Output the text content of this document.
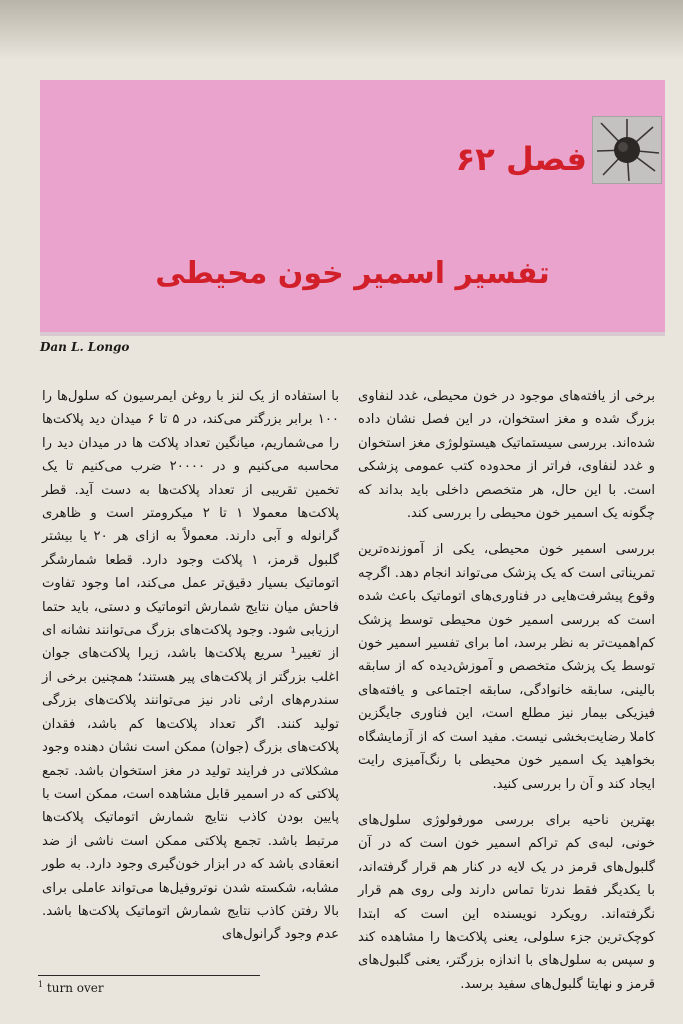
فصل ۶۲
تفسیر اسمیر خون محیطی
Dan L. Longo

برخی از یافته‌های موجود در خون محیطی، غدد لنفاوی بزرگ شده و مغز استخوان، در این فصل نشان داده شده‌اند. بررسی سیستماتیک هیستولوژی مغز استخوان و غدد لنفاوی، فراتر از محدوده کتب عمومی پزشکی است. با این حال، هر متخصص داخلی باید بداند که چگونه یک اسمیر خون محیطی را بررسی کند.

بررسی اسمیر خون محیطی، یکی از آموزنده‌ترین تمریناتی است که یک پزشک می‌تواند انجام دهد. اگرچه وقوع پیشرفت‌هایی در فناوری‌های اتوماتیک باعث شده است که بررسی اسمیر خون محیطی توسط پزشک کم‌اهمیت‌تر به نظر برسد، اما برای تفسیر اسمیر خون توسط یک پزشک متخصص و آموزش‌دیده که از سابقه بالینی، سابقه خانوادگی، سابقه اجتماعی و یافته‌های فیزیکی بیمار نیز مطلع است، این فناوری جایگزین کاملا رضایت‌بخشی نیست. مفید است که از آزمایشگاه بخواهید یک اسمیر خون محیطی با رنگ‌آمیزی رایت ایجاد کند و آن را بررسی کنید.

بهترین ناحیه برای بررسی مورفولوژی سلول‌های خونی، لبه‌ی کم تراکم اسمیر خون است که در آن گلبول‌های قرمز در یک لایه در کنار هم قرار گرفته‌اند، با یکدیگر فقط ندرتا تماس دارند ولی روی هم قرار نگرفته‌اند. رویکرد نویسنده این است که ابتدا کوچک‌ترین جزء سلولی، یعنی پلاکت‌ها را مشاهده کند و سپس به سلول‌های با اندازه بزرگتر، یعنی گلبول‌های قرمز و نهایتا گلبول‌های سفید برسد.

با استفاده از یک لنز با روغن ایمرسیون که سلول‌ها را ۱۰۰ برابر بزرگتر می‌کند، در ۵ تا ۶ میدان دید پلاکت‌ها را می‌شماریم، میانگین تعداد پلاکت ها در میدان دید را محاسبه می‌کنیم و در ۲۰۰۰۰ ضرب می‌کنیم تا یک تخمین تقریبی از تعداد پلاکت‌ها به دست آید. قطر پلاکت‌ها معمولا ۱ تا ۲ میکرومتر است و ظاهری گرانوله و آبی دارند. معمولاً به ازای هر ۲۰ یا بیشتر گلبول قرمز، ۱ پلاکت وجود دارد. قطعا شمارشگر اتوماتیک بسیار دقیق‌تر عمل می‌کند، اما وجود تفاوت فاحش میان نتایج شمارش اتوماتیک و دستی، باید حتما ارزیابی شود. وجود پلاکت‌های بزرگ می‌توانند نشانه ای از تغییر¹ سریع پلاکت‌ها باشد، زیرا پلاکت‌های جوان اغلب بزرگتر از پلاکت‌های پیر هستند؛ همچنین برخی از سندرم‌های ارثی نادر نیز می‌توانند پلاکت‌های بزرگی تولید کنند. اگر تعداد پلاکت‌ها کم باشد، فقدان پلاکت‌های بزرگ (جوان) ممکن است نشان دهنده وجود مشکلاتی در فرایند تولید در مغز استخوان باشد. تجمع پلاکتی که در اسمیر قابل مشاهده است، ممکن است با پایین بودن کاذب نتایج شمارش اتوماتیک پلاکت‌ها مرتبط باشد. تجمع پلاکتی ممکن است ناشی از ضد انعقادی باشد که در ابزار خون‌گیری وجود دارد. به طور مشابه، شکسته شدن نوتروفیل‌ها می‌تواند عاملی برای بالا رفتن کاذب نتایج شمارش اتوماتیک پلاکت‌ها باشد. عدم وجود گرانول‌های

$^1$ turn over
